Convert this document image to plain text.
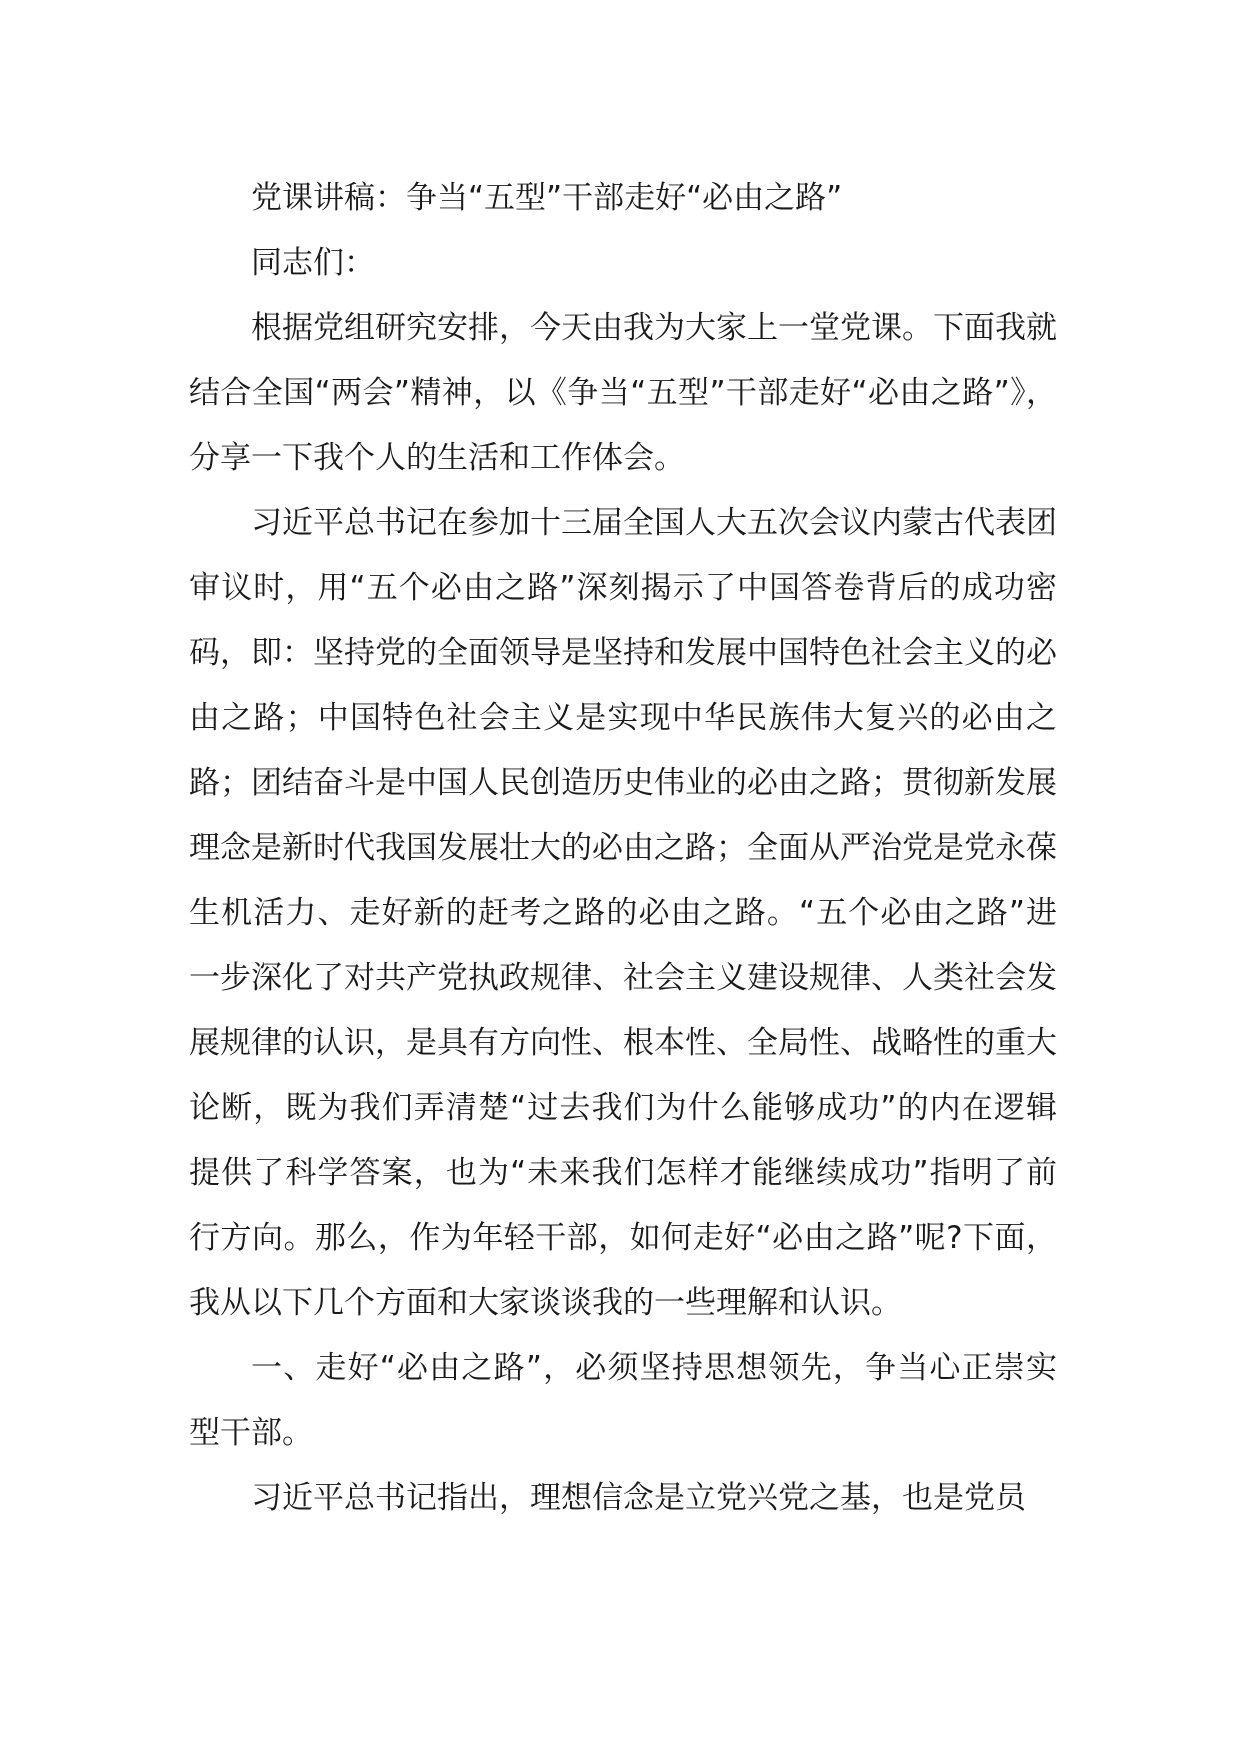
党课讲稿：争当“五型”干部走好“必由之路”

同志们：

根据党组研究安排，今天由我为大家上一堂党课。下面我就结合全国“两会”精神，以《争当“五型”干部走好“必由之路”》，分享一下我个人的生活和工作体会。

习近平总书记在参加十三届全国人大五次会议内蒙古代表团审议时，用“五个必由之路”深刻揭示了中国答卷背后的成功密码，即：坚持党的全面领导是坚持和发展中国特色社会主义的必由之路；中国特色社会主义是实现中华民族伟大复兴的必由之路；团结奋斗是中国人民创造历史伟业的必由之路；贯彻新发展理念是新时代我国发展壮大的必由之路；全面从严治党是党永葆生机活力、走好新的赶考之路的必由之路。“五个必由之路”进一步深化了对共产党执政规律、社会主义建设规律、人类社会发展规律的认识，是具有方向性、根本性、全局性、战略性的重大论断，既为我们弄清楚“过去我们为什么能够成功”的内在逻辑提供了科学答案，也为“未来我们怎样才能继续成功”指明了前行方向。那么，作为年轻干部，如何走好“必由之路”呢?下面，我从以下几个方面和大家谈谈我的一些理解和认识。

一、走好“必由之路”，必须坚持思想领先，争当心正崇实型干部。

习近平总书记指出，理想信念是立党兴党之基，也是党员
